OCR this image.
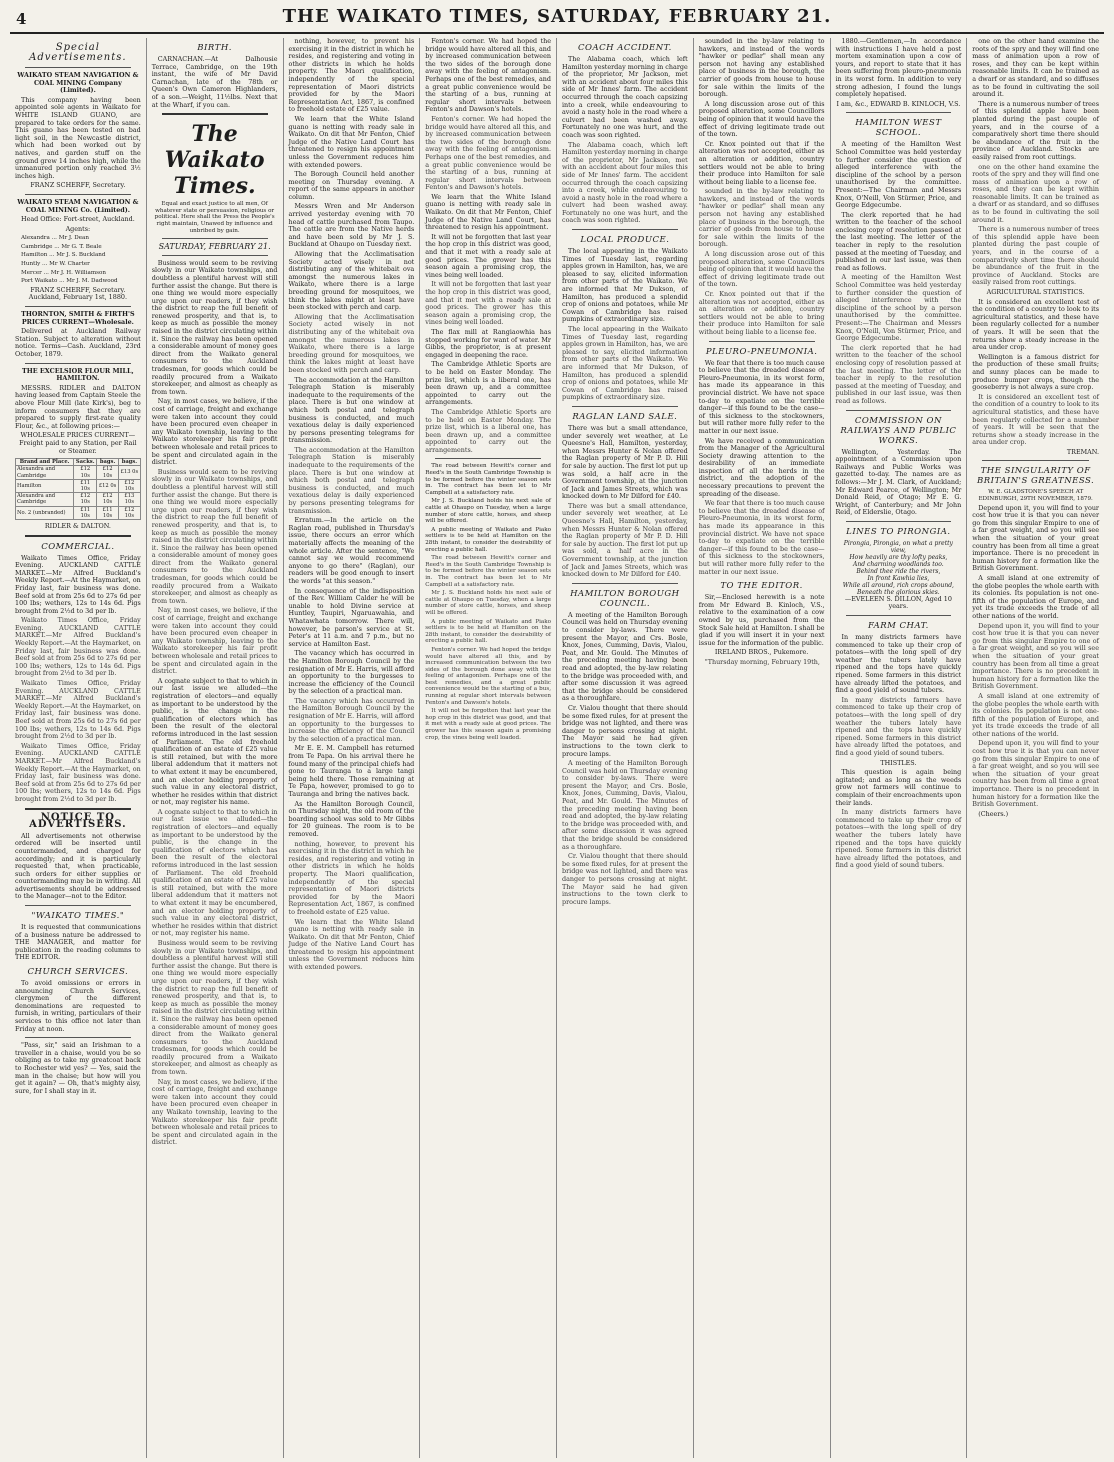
4	THE WAIKATO TIMES, SATURDAY, FEBRUARY 21.
Special Advertisements.

WAIKATO STEAM NAVIGATION & COAL MINING Company (Limited).

This company having been appointed sole agents in Waikato for WHITE ISLAND GUANO, are prepared to take orders for the same. This guano has been tested on bad light soil, in the Newcastle district, which had been worked out by natives, and garden stuff on the ground grew 14 inches high, while the unmanured portion only reached 3½ inches high.

FRANZ SCHERFF, Secretary.

WAIKATO STEAM NAVIGATION & COAL MINING Co. (Limited).

Head Office: Fort-street, Auckland.

Agents:

Alexandra ... Mr J. Dean

Cambridge ... Mr G. T. Beale

Hamilton ... Mr J. S. Buckland

Huntly ... Mr W. Charter

Mercer ... Mr J. H. Williamson

Port Waikato ... Mr J. M. Dadwood

FRANZ SCHERFF, Secretary. Auckland, February 1st, 1880.

THORNTON, SMITH & FIRTH'S PRICES CURRENT—Wholesale.

Delivered at Auckland Railway Station. Subject to alteration without notice. Terms—Cash. Auckland, 23rd October, 1879.

THE EXCELSIOR FLOUR MILL, HAMILTON.

MESSRS. RIDLER and DALTON having leased from Captain Steele the above Flour Mill (late Kirk's), beg to inform consumers that they are prepared to supply first-rate quality Flour, &c., at following prices:—

WHOLESALE PRICES CURRENT— Freight paid to any Station, per Rail or Steamer.

Brand and Place.	Sacks.	bags.	bags.
Alexandra and Cambridge	£12 10s	£12 10s	£13 0s
Hamilton	£11 10s	£12 0s	£12 10s
Alexandra and Cambridge	£12 10s	£12 10s	£13 10s
No. 2 (unbranded)	£11 10s	£11 10s	£12 10s

RIDLER & DALTON.

COMMERCIAL.

Waikato Times Office, Friday Evening. AUCKLAND CATTLE MARKET.—Mr Alfred Buckland's Weekly Report.—At the Haymarket, on Friday last, fair business was done. Beef sold at from 25s 6d to 27s 6d per 100 lbs; wethers, 12s to 14s 6d. Pigs brought from 2½d to 3d per lb.

Waikato Times Office, Friday Evening. AUCKLAND CATTLE MARKET.—Mr Alfred Buckland's Weekly Report.—At the Haymarket, on Friday last, fair business was done. Beef sold at from 25s 6d to 27s 6d per 100 lbs; wethers, 12s to 14s 6d. Pigs brought from 2½d to 3d per lb.

Waikato Times Office, Friday Evening. AUCKLAND CATTLE MARKET.—Mr Alfred Buckland's Weekly Report.—At the Haymarket, on Friday last, fair business was done. Beef sold at from 25s 6d to 27s 6d per 100 lbs; wethers, 12s to 14s 6d. Pigs brought from 2½d to 3d per lb.

Waikato Times Office, Friday Evening. AUCKLAND CATTLE MARKET.—Mr Alfred Buckland's Weekly Report.—At the Haymarket, on Friday last, fair business was done. Beef sold at from 25s 6d to 27s 6d per 100 lbs; wethers, 12s to 14s 6d. Pigs brought from 2½d to 3d per lb.

NOTICE TO ADVERTISERS.

All advertisements not otherwise ordered will be inserted until countermanded, and charged for accordingly; and it is particularly requested that, when practicable, such orders for either supplies or countermanding may be in writing. All advertisements should be addressed to the Manager—not to the Editor.

"WAIKATO TIMES."

It is requested that communications of a business nature be addressed to THE MANAGER, and matter for publication in the reading columns to THE EDITOR.

CHURCH SERVICES.

To avoid omissions or errors in announcing Church Services, clergymen of the different denominations are requested to furnish, in writing, particulars of their services to this office not later than Friday at noon.

"Pass, sir," said an Irishman to a traveller in a chaise, would you be so obliging as to take my greatcoat back to Rochester wid yes? — Yes, said the man in the chaise; but how will you get it again? — Oh, that's mighty aisy, sure, for I shall stay in it.

BIRTH.

CARNACHAN.—At Dalhousie Terrace, Cambridge, on the 19th instant, the wife of Mr David Carnachan, late of the 78th or Queen's Own Cameron Highlanders, of a son.—Weight, 11½lbs. Next that at the Wharf, if you can.

The Waikato Times.

Equal and exact justice to all men, Of whatever state or persuasion, religious or political. Here shall the Press the People's right maintain, Unawed by influence and unbribed by gain.

SATURDAY, FEBRUARY 21.

Business would seem to be reviving slowly in our Waikato townships, and doubtless a plentiful harvest will still further assist the change. But there is one thing we would more especially urge upon our readers, if they wish the district to reap the full benefit of renewed prosperity, and that is, to keep as much as possible the money raised in the district circulating within it. Since the railway has been opened a considerable amount of money goes direct from the Waikato general consumers to the Auckland tradesman, for goods which could be readily procured from a Waikato storekeeper, and almost as cheaply as from town.

Nay, in most cases, we believe, if the cost of carriage, freight and exchange were taken into account they could have been procured even cheaper in any Waikato township, leaving to the Waikato storekeeper his fair profit between wholesale and retail prices to be spent and circulated again in the district.

Business would seem to be reviving slowly in our Waikato townships, and doubtless a plentiful harvest will still further assist the change. But there is one thing we would more especially urge upon our readers, if they wish the district to reap the full benefit of renewed prosperity, and that is, to keep as much as possible the money raised in the district circulating within it. Since the railway has been opened a considerable amount of money goes direct from the Waikato general consumers to the Auckland tradesman, for goods which could be readily procured from a Waikato storekeeper, and almost as cheaply as from town.

Nay, in most cases, we believe, if the cost of carriage, freight and exchange were taken into account they could have been procured even cheaper in any Waikato township, leaving to the Waikato storekeeper his fair profit between wholesale and retail prices to be spent and circulated again in the district.

A cognate subject to that to which in our last issue we alluded—the registration of electors—and equally as important to be understood by the public, is the change in the qualification of electors which has been the result of the electoral reforms introduced in the last session of Parliament. The old freehold qualification of an estate of £25 value is still retained, but with the more liberal addendum that it matters not to what extent it may be encumbered, and an elector holding property of such value in any electoral district, whether he resides within that district or not, may register his name.

A cognate subject to that to which in our last issue we alluded—the registration of electors—and equally as important to be understood by the public, is the change in the qualification of electors which has been the result of the electoral reforms introduced in the last session of Parliament. The old freehold qualification of an estate of £25 value is still retained, but with the more liberal addendum that it matters not to what extent it may be encumbered, and an elector holding property of such value in any electoral district, whether he resides within that district or not, may register his name.

Business would seem to be reviving slowly in our Waikato townships, and doubtless a plentiful harvest will still further assist the change. But there is one thing we would more especially urge upon our readers, if they wish the district to reap the full benefit of renewed prosperity, and that is, to keep as much as possible the money raised in the district circulating within it. Since the railway has been opened a considerable amount of money goes direct from the Waikato general consumers to the Auckland tradesman, for goods which could be readily procured from a Waikato storekeeper, and almost as cheaply as from town.

Nay, in most cases, we believe, if the cost of carriage, freight and exchange were taken into account they could have been procured even cheaper in any Waikato township, leaving to the Waikato storekeeper his fair profit between wholesale and retail prices to be spent and circulated again in the district.

nothing, however, to prevent his exercising it in the district in which he resides, and registering and voting in other districts in which he holds property. The Maori qualification, independently of the special representation of Maori districts provided for by the Maori Representation Act, 1867, is confined to freehold estate of £25 value.

We learn that the White Island guano is netting with ready sale in Waikato. On dit that Mr Fenton, Chief Judge of the Native Land Court has threatened to resign his appointment unless the Government reduces him with extended powers.

The Borough Council held another meeting on Thursday evening. A report of the same appears in another column.

Messrs Wren and Mr Anderson arrived yesterday evening with 70 head of cattle purchased from Taupo. The cattle are from the Native herds and have been sold by Mr J. S. Buckland at Ohaupo on Tuesday next.

Allowing that the Acclimatisation Society acted wisely in not distributing any of the whitebait ova amongst the numerous lakes in Waikato, where there is a large breeding ground for mosquitoes, we think the lakes might at least have been stocked with perch and carp.

Allowing that the Acclimatisation Society acted wisely in not distributing any of the whitebait ova amongst the numerous lakes in Waikato, where there is a large breeding ground for mosquitoes, we think the lakes might at least have been stocked with perch and carp.

The accommodation at the Hamilton Telegraph Station is miserably inadequate to the requirements of the place. There is but one window at which both postal and telegraph business is conducted, and much vexatious delay is daily experienced by persons presenting telegrams for transmission.

The accommodation at the Hamilton Telegraph Station is miserably inadequate to the requirements of the place. There is but one window at which both postal and telegraph business is conducted, and much vexatious delay is daily experienced by persons presenting telegrams for transmission.

Erratum.—In the article on the Raglan road, published in Thursday's issue, there occurs an error which materially affects the meaning of the whole article. After the sentence, "We cannot say we would recommend anyone to go there" (Raglan), our readers will be good enough to insert the words "at this season."

In consequence of the indisposition of the Rev. William Calder he will be unable to hold Divine service at Huntley, Taupiri, Ngaruawahia, and Whatawhata tomorrow. There will, however, be parson's service at St. Peter's at 11 a.m. and 7 p.m., but no service at Hamilton East.

The vacancy which has occurred in the Hamilton Borough Council by the resignation of Mr E. Harris, will afford an opportunity to the burgesses to increase the efficiency of the Council by the selection of a practical man.

The vacancy which has occurred in the Hamilton Borough Council by the resignation of Mr E. Harris, will afford an opportunity to the burgesses to increase the efficiency of the Council by the selection of a practical man.

Mr E. E. M. Campbell has returned from Te Papa. On his arrival there he found many of the principal chiefs had gone to Tauranga to a large tangi being held there. Those remaining at Te Papa, however, promised to go to Tauranga and bring the natives back.

As the Hamilton Borough Council, on Thursday night, the old room of the boarding school was sold to Mr Gibbs for 20 guineas. The room is to be removed.

nothing, however, to prevent his exercising it in the district in which he resides, and registering and voting in other districts in which he holds property. The Maori qualification, independently of the special representation of Maori districts provided for by the Maori Representation Act, 1867, is confined to freehold estate of £25 value.

We learn that the White Island guano is netting with ready sale in Waikato. On dit that Mr Fenton, Chief Judge of the Native Land Court has threatened to resign his appointment unless the Government reduces him with extended powers.

Fenton's corner. We had hoped the bridge would have altered all this, and by increased communication between the two sides of the borough done away with the feeling of antagonism. Perhaps one of the best remedies, and a great public convenience would be the starting of a bus, running at regular short intervals between Fenton's and Dawson's hotels.

Fenton's corner. We had hoped the bridge would have altered all this, and by increased communication between the two sides of the borough done away with the feeling of antagonism. Perhaps one of the best remedies, and a great public convenience would be the starting of a bus, running at regular short intervals between Fenton's and Dawson's hotels.

We learn that the White Island guano is netting with ready sale in Waikato. On dit that Mr Fenton, Chief Judge of the Native Land Court, has threatened to resign his appointment.

It will not be forgotten that last year the hop crop in this district was good, and that it met with a ready sale at good prices. The grower has this season again a promising crop, the vines being well loaded.

It will not be forgotten that last year the hop crop in this district was good, and that it met with a ready sale at good prices. The grower has this season again a promising crop, the vines being well loaded.

The flax mill at Rangiaowhia has stopped working for want of water. Mr Gibbs, the proprietor, is at present engaged in deepening the race.

The Cambridge Athletic Sports are to be held on Easter Monday. The prize list, which is a liberal one, has been drawn up, and a committee appointed to carry out the arrangements.

The Cambridge Athletic Sports are to be held on Easter Monday. The prize list, which is a liberal one, has been drawn up, and a committee appointed to carry out the arrangements.

The road between Hewitt's corner and Reed's in the South Cambridge Township is to be formed before the winter season sets in. The contract has been let to Mr Campbell at a satisfactory rate.

Mr J. S. Buckland holds his next sale of cattle at Ohaupo on Tuesday, when a large number of store cattle, horses, and sheep will be offered.

A public meeting of Waikato and Piako settlers is to be held at Hamilton on the 28th instant, to consider the desirability of erecting a public hall.

The road between Hewitt's corner and Reed's in the South Cambridge Township is to be formed before the winter season sets in. The contract has been let to Mr Campbell at a satisfactory rate.

Mr J. S. Buckland holds his next sale of cattle at Ohaupo on Tuesday, when a large number of store cattle, horses, and sheep will be offered.

A public meeting of Waikato and Piako settlers is to be held at Hamilton on the 28th instant, to consider the desirability of erecting a public hall.

Fenton's corner. We had hoped the bridge would have altered all this, and by increased communication between the two sides of the borough done away with the feeling of antagonism. Perhaps one of the best remedies, and a great public convenience would be the starting of a bus, running at regular short intervals between Fenton's and Dawson's hotels.

It will not be forgotten that last year the hop crop in this district was good, and that it met with a ready sale at good prices. The grower has this season again a promising crop, the vines being well loaded.

COACH ACCIDENT.

The Alabama coach, which left Hamilton yesterday morning in charge of the proprietor, Mr Jackson, met with an accident about four miles this side of Mr Innes' farm. The accident occurred through the coach capsizing into a creek, while endeavouring to avoid a nasty hole in the road where a culvert had been washed away. Fortunately no one was hurt, and the coach was soon righted.

The Alabama coach, which left Hamilton yesterday morning in charge of the proprietor, Mr Jackson, met with an accident about four miles this side of Mr Innes' farm. The accident occurred through the coach capsizing into a creek, while endeavouring to avoid a nasty hole in the road where a culvert had been washed away. Fortunately no one was hurt, and the coach was soon righted.

LOCAL PRODUCE.

The local appearing in the Waikato Times of Tuesday last, regarding apples grown in Hamilton, has, we are pleased to say, elicited information from other parts of the Waikato. We are informed that Mr Dukson, of Hamilton, has produced a splendid crop of onions and potatoes, while Mr Cowan of Cambridge has raised pumpkins of extraordinary size.

The local appearing in the Waikato Times of Tuesday last, regarding apples grown in Hamilton, has, we are pleased to say, elicited information from other parts of the Waikato. We are informed that Mr Dukson, of Hamilton, has produced a splendid crop of onions and potatoes, while Mr Cowan of Cambridge has raised pumpkins of extraordinary size.

RAGLAN LAND SALE.

There was but a small attendance, under severely wet weather, at Le Queesne's Hall, Hamilton, yesterday, when Messrs Hunter & Nolan offered the Raglan property of Mr P. D. Hill for sale by auction. The first lot put up was sold, a half acre in the Government township, at the junction of Jack and James Streets, which was knocked down to Mr Dilford for £40.

There was but a small attendance, under severely wet weather, at Le Queesne's Hall, Hamilton, yesterday, when Messrs Hunter & Nolan offered the Raglan property of Mr P. D. Hill for sale by auction. The first lot put up was sold, a half acre in the Government township, at the junction of Jack and James Streets, which was knocked down to Mr Dilford for £40.

HAMILTON BOROUGH COUNCIL.

A meeting of the Hamilton Borough Council was held on Thursday evening to consider by-laws. There were present the Mayor, and Crs. Bosle, Knox, Jones, Cumming, Davis, Vialou, Peat, and Mr. Gould. The Minutes of the preceding meeting having been read and adopted, the by-law relating to the bridge was proceeded with, and after some discussion it was agreed that the bridge should be considered as a thoroughfare.

Cr. Vialou thought that there should be some fixed rules, for at present the bridge was not lighted, and there was danger to persons crossing at night. The Mayor said he had given instructions to the town clerk to procure lamps.

A meeting of the Hamilton Borough Council was held on Thursday evening to consider by-laws. There were present the Mayor, and Crs. Bosle, Knox, Jones, Cumming, Davis, Vialou, Peat, and Mr. Gould. The Minutes of the preceding meeting having been read and adopted, the by-law relating to the bridge was proceeded with, and after some discussion it was agreed that the bridge should be considered as a thoroughfare.

Cr. Vialou thought that there should be some fixed rules, for at present the bridge was not lighted, and there was danger to persons crossing at night. The Mayor said he had given instructions to the town clerk to procure lamps.

sounded in the by-law relating to hawkers, and instead of the words "hawker or pedlar" shall mean any person not having any established place of business in the borough, the carrier of goods from house to house for sale within the limits of the borough.

A long discussion arose out of this proposed alteration, some Councillors being of opinion that it would have the effect of driving legitimate trade out of the town.

Cr. Knox pointed out that if the alteration was not accepted, either as an alteration or addition, country settlers would not be able to bring their produce into Hamilton for sale without being liable to a license fee.

sounded in the by-law relating to hawkers, and instead of the words "hawker or pedlar" shall mean any person not having any established place of business in the borough, the carrier of goods from house to house for sale within the limits of the borough.

A long discussion arose out of this proposed alteration, some Councillors being of opinion that it would have the effect of driving legitimate trade out of the town.

Cr. Knox pointed out that if the alteration was not accepted, either as an alteration or addition, country settlers would not be able to bring their produce into Hamilton for sale without being liable to a license fee.

PLEURO-PNEUMONIA.

We fear that there is too much cause to believe that the dreaded disease of Pleuro-Pneumonia, in its worst form, has made its appearance in this provincial district. We have not space to-day to expatiate on the terrible danger—if this found to be the case—of this sickness to the stockowners, but will rather more fully refer to the matter in our next issue.

We have received a communication from the Manager of the Agricultural Society drawing attention to the desirability of an immediate inspection of all the herds in the district, and the adoption of the necessary precautions to prevent the spreading of the disease.

We fear that there is too much cause to believe that the dreaded disease of Pleuro-Pneumonia, in its worst form, has made its appearance in this provincial district. We have not space to-day to expatiate on the terrible danger—if this found to be the case—of this sickness to the stockowners, but will rather more fully refer to the matter in our next issue.

TO THE EDITOR.

Sir,—Enclosed herewith is a note from Mr Edward B. Kinloch, V.S., relative to the examination of a cow owned by us, purchased from the Stock Sale held at Hamilton. I shall be glad if you will insert it in your next issue for the information of the public.

IRELAND BROS., Pukemore.

"Thursday morning, February 19th,

1880.—Gentlemen,—In accordance with instructions I have held a post mortem examination upon a cow of yours, and report to state that it has been suffering from pleuro-pneumonia in its worst form. In addition to very strong adhesion, I found the lungs completely hepatised.

I am, &c., EDWARD B. KINLOCH, V.S.

HAMILTON WEST SCHOOL.

A meeting of the Hamilton West School Committee was held yesterday to further consider the question of alleged interference with the discipline of the school by a person unauthorised by the committee. Present:—The Chairman and Messrs Knox, O'Neill, Von Stürmer, Price, and George Edgecumbe.

The clerk reported that he had written to the teacher of the school enclosing copy of resolution passed at the last meeting. The letter of the teacher in reply to the resolution passed at the meeting of Tuesday, and published in our last issue, was then read as follows.

A meeting of the Hamilton West School Committee was held yesterday to further consider the question of alleged interference with the discipline of the school by a person unauthorised by the committee. Present:—The Chairman and Messrs Knox, O'Neill, Von Stürmer, Price, and George Edgecumbe.

The clerk reported that he had written to the teacher of the school enclosing copy of resolution passed at the last meeting. The letter of the teacher in reply to the resolution passed at the meeting of Tuesday, and published in our last issue, was then read as follows.

COMMISSION ON RAILWAYS AND PUBLIC WORKS.

Wellington, Yesterday. The appointment of a Commission upon Railways and Public Works was gazetted to-day. The names are as follows:—Mr J. M. Clark, of Auckland; Mr Edward Pearce, of Wellington; Mr Donald Reid, of Otago; Mr E. G. Wright, of Canterbury; and Mr John Reid, of Elderslie, Otago.

LINES TO PIRONGIA.
Pirongia, Pirongia, on what a pretty view,
How heavily are thy lofty peaks,
And charming woodlands too.
Behind thee ride the rivers,
In front Kawhia lies,
While all around, rich crops abound,
Beneath the glorious skies.

—EVELEEN S. DILLON, Aged 10 years.

FARM CHAT.

In many districts farmers have commenced to take up their crop of potatoes—with the long spell of dry weather the tubers lately have ripened and the tops have quickly ripened. Some farmers in this district have already lifted the potatoes, and find a good yield of sound tubers.

In many districts farmers have commenced to take up their crop of potatoes—with the long spell of dry weather the tubers lately have ripened and the tops have quickly ripened. Some farmers in this district have already lifted the potatoes, and find a good yield of sound tubers.

THISTLES.

This question is again being agitated; and as long as the weeds grow not farmers will continue to complain of their encroachments upon their lands.

In many districts farmers have commenced to take up their crop of potatoes—with the long spell of dry weather the tubers lately have ripened and the tops have quickly ripened. Some farmers in this district have already lifted the potatoes, and find a good yield of sound tubers.

one on the other hand examine the roots of the spry and they will find one mass of animation upon a row of roses, and they can be kept within reasonable limits. It can be trained as a dwarf or as standard, and so diffuses as to be found in cultivating the soil around it.

There is a numerous number of trees of this splendid apple have been planted during the past couple of years, and in the course of a comparatively short time there should be abundance of the fruit in the province of Auckland. Stocks are easily raised from root cuttings.

one on the other hand examine the roots of the spry and they will find one mass of animation upon a row of roses, and they can be kept within reasonable limits. It can be trained as a dwarf or as standard, and so diffuses as to be found in cultivating the soil around it.

There is a numerous number of trees of this splendid apple have been planted during the past couple of years, and in the course of a comparatively short time there should be abundance of the fruit in the province of Auckland. Stocks are easily raised from root cuttings.

AGRICULTURAL STATISTICS.

It is considered an excellent test of the condition of a country to look to its agricultural statistics, and these have been regularly collected for a number of years. It will be seen that the returns show a steady increase in the area under crop.

Wellington is a famous district for the production of these small fruits; and sunny places can be made to produce bumper crops, though the gooseberry is not always a sure crop.

It is considered an excellent test of the condition of a country to look to its agricultural statistics, and these have been regularly collected for a number of years. It will be seen that the returns show a steady increase in the area under crop.

TREMAN.

THE SINGULARITY OF BRITAIN'S GREATNESS.

W. E. GLADSTONE'S SPEECH AT EDINBURGH, 29TH NOVEMBER, 1879.

Depend upon it, you will find to your cost how true it is that you can never go from this singular Empire to one of a far great weight, and so you will see when the situation of your great country has been from all time a great importance. There is no precedent in human history for a formation like the British Government.

A small island at one extremity of the globe peoples the whole earth with its colonies. Its population is not one-fifth of the population of Europe, and yet its trade exceeds the trade of all other nations of the world.

Depend upon it, you will find to your cost how true it is that you can never go from this singular Empire to one of a far great weight, and so you will see when the situation of your great country has been from all time a great importance. There is no precedent in human history for a formation like the British Government.

A small island at one extremity of the globe peoples the whole earth with its colonies. Its population is not one-fifth of the population of Europe, and yet its trade exceeds the trade of all other nations of the world.

Depend upon it, you will find to your cost how true it is that you can never go from this singular Empire to one of a far great weight, and so you will see when the situation of your great country has been from all time a great importance. There is no precedent in human history for a formation like the British Government.

(Cheers.)
